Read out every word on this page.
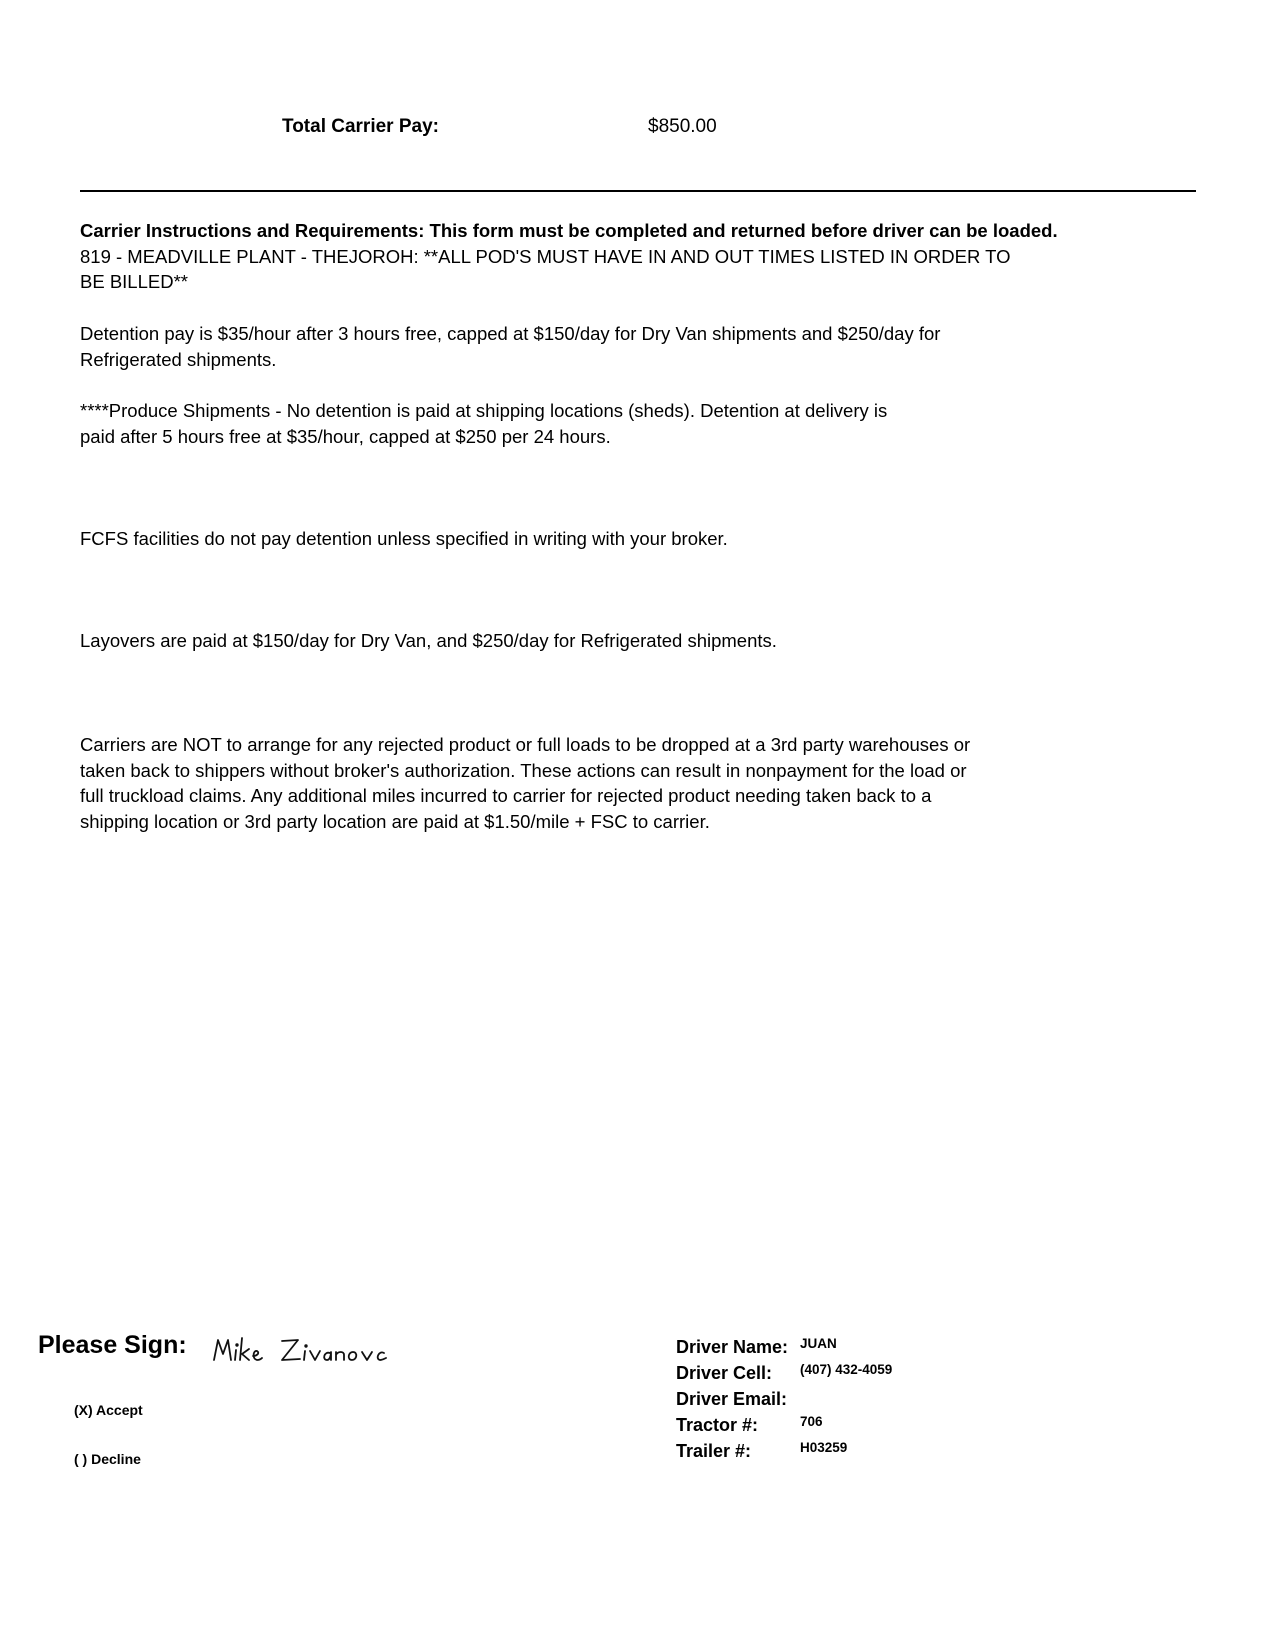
Total Carrier Pay:	$850.00
Carrier Instructions and Requirements: This form must be completed and returned before driver can be loaded.
819 - MEADVILLE PLANT - THEJOROH: **ALL POD'S MUST HAVE IN AND OUT TIMES LISTED IN ORDER TO
BE BILLED**
Detention pay is $35/hour after 3 hours free, capped at $150/day for Dry Van shipments and $250/day for
Refrigerated shipments.
****Produce Shipments - No detention is paid at shipping locations (sheds). Detention at delivery is
paid after 5 hours free at $35/hour, capped at $250 per 24 hours.
FCFS facilities do not pay detention unless specified in writing with your broker.
Layovers are paid at $150/day for Dry Van, and $250/day for Refrigerated shipments.
Carriers are NOT to arrange for any rejected product or full loads to be dropped at a 3rd party warehouses or
taken back to shippers without broker's authorization. These actions can result in nonpayment for the load or
full truckload claims. Any additional miles incurred to carrier for rejected product needing taken back to a
shipping location or 3rd party location are paid at $1.50/mile + FSC to carrier.
Please Sign:
Mike Zivanovc
(X) Accept
( ) Decline
Driver Name: JUAN
Driver Cell: (407) 432-4059
Driver Email:
Tractor #:	706
Trailer #:	H03259
